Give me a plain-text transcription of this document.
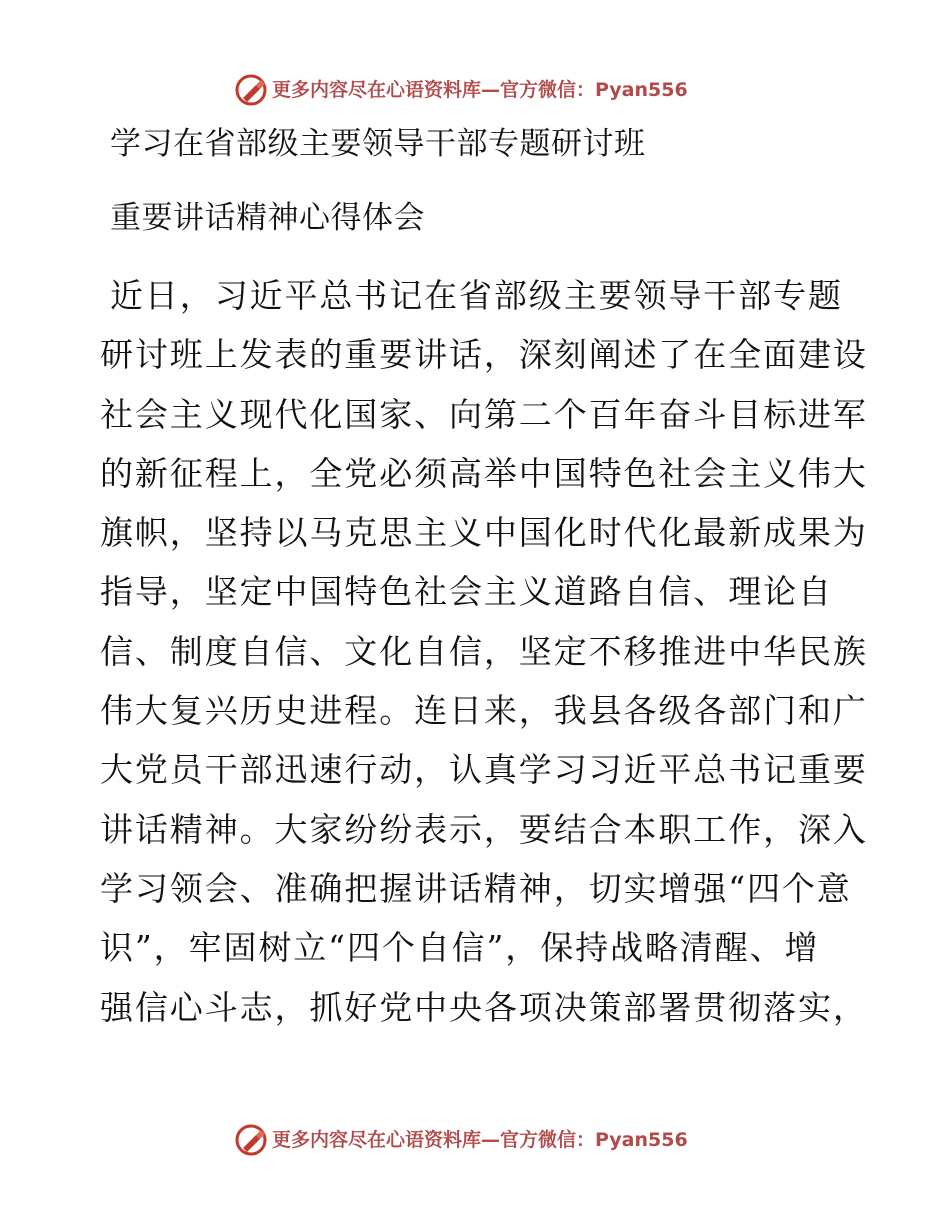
更多内容尽在心语资料库—官方微信：Pyan556
学习在省部级主要领导干部专题研讨班
重要讲话精神心得体会
近日，习近平总书记在省部级主要领导干部专题
研讨班上发表的重要讲话，深刻阐述了在全面建设
社会主义现代化国家、向第二个百年奋斗目标进军
的新征程上，全党必须高举中国特色社会主义伟大
旗帜，坚持以马克思主义中国化时代化最新成果为
指导，坚定中国特色社会主义道路自信、理论自
信、制度自信、文化自信，坚定不移推进中华民族
伟大复兴历史进程。连日来，我县各级各部门和广
大党员干部迅速行动，认真学习习近平总书记重要
讲话精神。大家纷纷表示，要结合本职工作，深入
学习领会、准确把握讲话精神，切实增强“四个意
识”，牢固树立“四个自信”，保持战略清醒、增
强信心斗志，抓好党中央各项决策部署贯彻落实，
更多内容尽在心语资料库—官方微信：Pyan556
